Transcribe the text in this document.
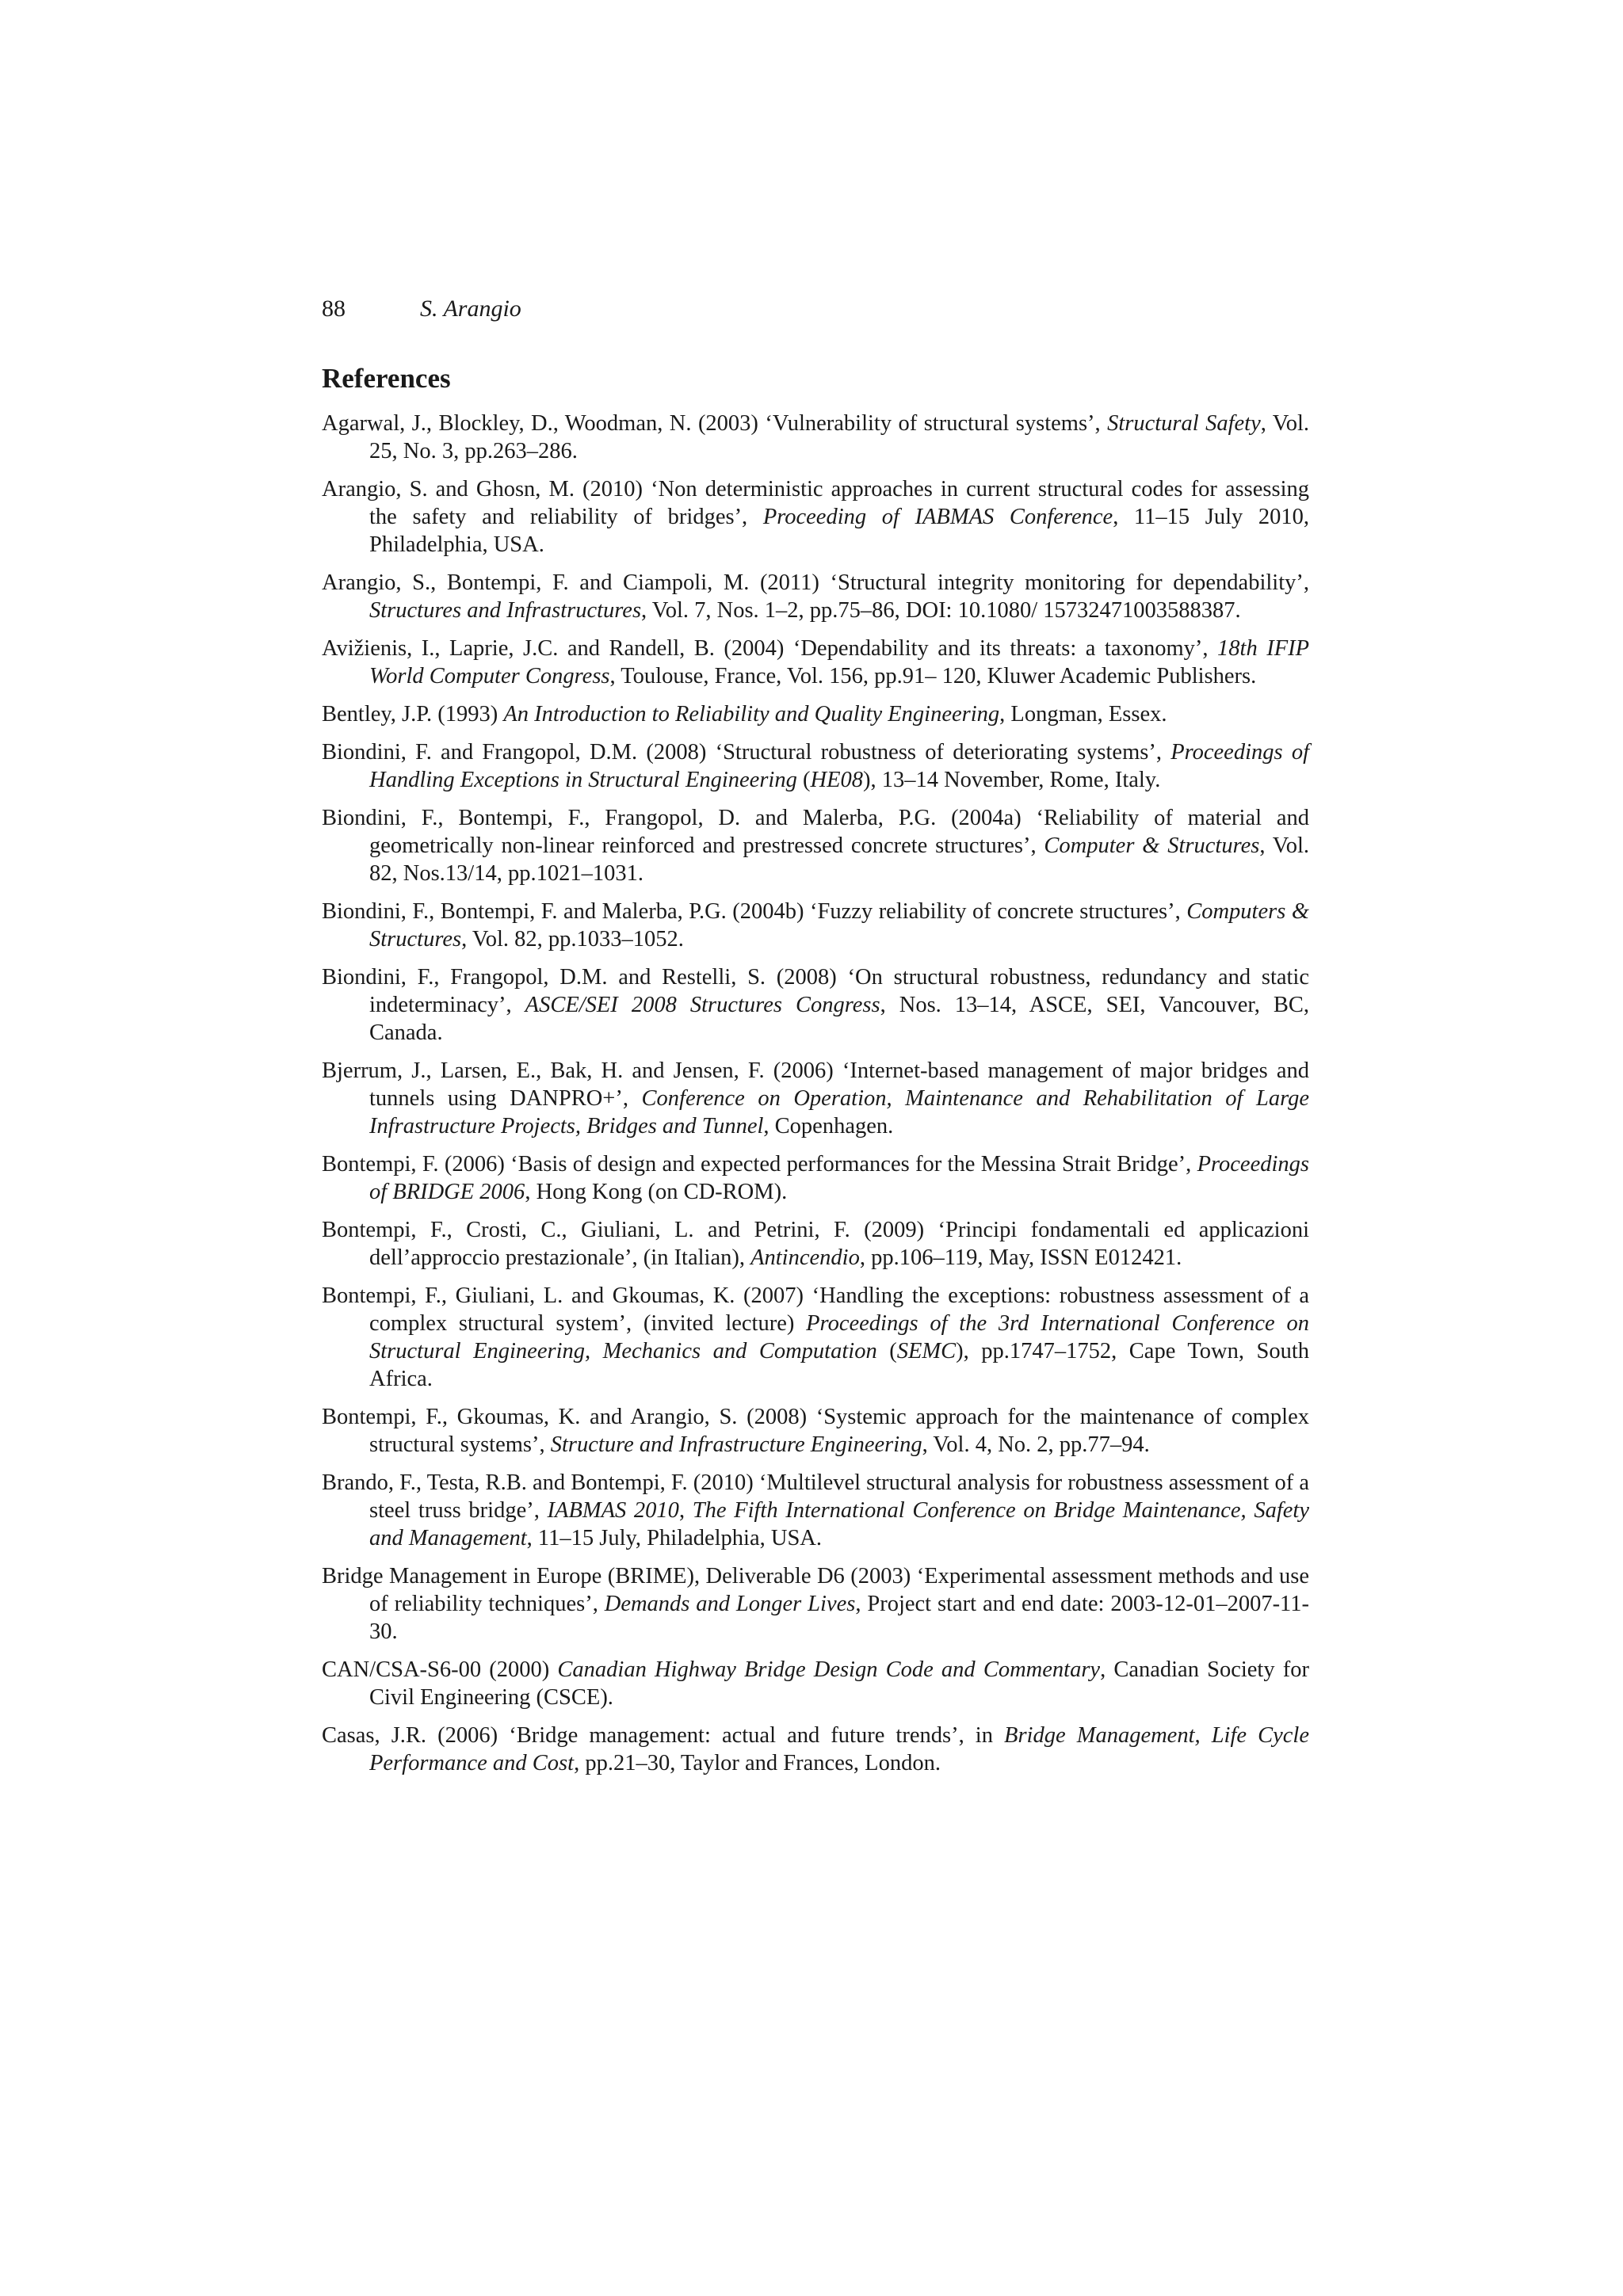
88	S. Arangio
References
Agarwal, J., Blockley, D., Woodman, N. (2003) ‘Vulnerability of structural systems’, Structural Safety, Vol. 25, No. 3, pp.263–286.
Arangio, S. and Ghosn, M. (2010) ‘Non deterministic approaches in current structural codes for assessing the safety and reliability of bridges’, Proceeding of IABMAS Conference, 11–15 July 2010, Philadelphia, USA.
Arangio, S., Bontempi, F. and Ciampoli, M. (2011) ‘Structural integrity monitoring for dependability’, Structures and Infrastructures, Vol. 7, Nos. 1–2, pp.75–86, DOI: 10.1080/ 15732471003588387.
Avižienis, I., Laprie, J.C. and Randell, B. (2004) ‘Dependability and its threats: a taxonomy’, 18th IFIP World Computer Congress, Toulouse, France, Vol. 156, pp.91– 120, Kluwer Academic Publishers.
Bentley, J.P. (1993) An Introduction to Reliability and Quality Engineering, Longman, Essex.
Biondini, F. and Frangopol, D.M. (2008) ‘Structural robustness of deteriorating systems’, Proceedings of Handling Exceptions in Structural Engineering (HE08), 13–14 November, Rome, Italy.
Biondini, F., Bontempi, F., Frangopol, D. and Malerba, P.G. (2004a) ‘Reliability of material and geometrically non-linear reinforced and prestressed concrete structures’, Computer & Structures, Vol. 82, Nos.13/14, pp.1021–1031.
Biondini, F., Bontempi, F. and Malerba, P.G. (2004b) ‘Fuzzy reliability of concrete structures’, Computers & Structures, Vol. 82, pp.1033–1052.
Biondini, F., Frangopol, D.M. and Restelli, S. (2008) ‘On structural robustness, redundancy and static indeterminacy’, ASCE/SEI 2008 Structures Congress, Nos. 13–14, ASCE, SEI, Vancouver, BC, Canada.
Bjerrum, J., Larsen, E., Bak, H. and Jensen, F. (2006) ‘Internet-based management of major bridges and tunnels using DANPRO+’, Conference on Operation, Maintenance and Rehabilitation of Large Infrastructure Projects, Bridges and Tunnel, Copenhagen.
Bontempi, F. (2006) ‘Basis of design and expected performances for the Messina Strait Bridge’, Proceedings of BRIDGE 2006, Hong Kong (on CD-ROM).
Bontempi, F., Crosti, C., Giuliani, L. and Petrini, F. (2009) ‘Principi fondamentali ed applicazioni dell’approccio prestazionale’, (in Italian), Antincendio, pp.106–119, May, ISSN E012421.
Bontempi, F., Giuliani, L. and Gkoumas, K. (2007) ‘Handling the exceptions: robustness assessment of a complex structural system’, (invited lecture) Proceedings of the 3rd International Conference on Structural Engineering, Mechanics and Computation (SEMC), pp.1747–1752, Cape Town, South Africa.
Bontempi, F., Gkoumas, K. and Arangio, S. (2008) ‘Systemic approach for the maintenance of complex structural systems’, Structure and Infrastructure Engineering, Vol. 4, No. 2, pp.77–94.
Brando, F., Testa, R.B. and Bontempi, F. (2010) ‘Multilevel structural analysis for robustness assessment of a steel truss bridge’, IABMAS 2010, The Fifth International Conference on Bridge Maintenance, Safety and Management, 11–15 July, Philadelphia, USA.
Bridge Management in Europe (BRIME), Deliverable D6 (2003) ‘Experimental assessment methods and use of reliability techniques’, Demands and Longer Lives, Project start and end date: 2003-12-01–2007-11-30.
CAN/CSA-S6-00 (2000) Canadian Highway Bridge Design Code and Commentary, Canadian Society for Civil Engineering (CSCE).
Casas, J.R. (2006) ‘Bridge management: actual and future trends’, in Bridge Management, Life Cycle Performance and Cost, pp.21–30, Taylor and Frances, London.
